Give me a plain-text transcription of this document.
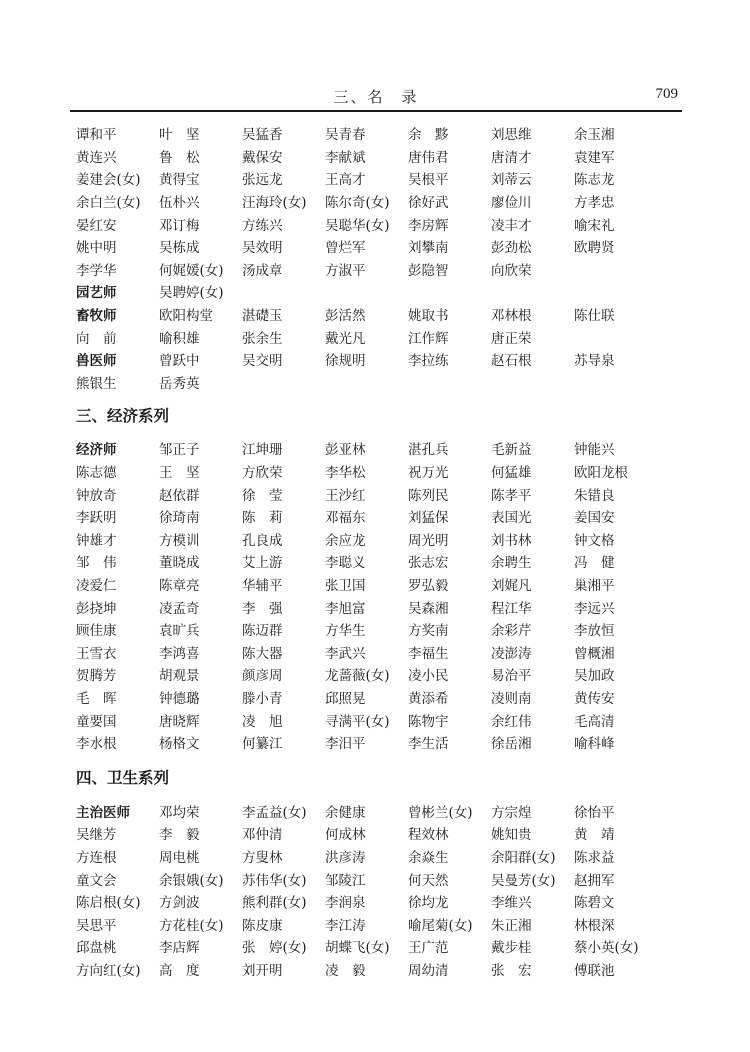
三、名　录	709
谭和平	叶　坚	吴猛香	吴青春	余　黟	刘思维	余玉湘
黄连兴	鲁　松	戴保安	李献斌	唐伟君	唐清才	袁建军
姜建会(女)	黄得宝	张远龙	王高才	吴根平	刘蒂云	陈志龙
余白兰(女)	伍朴兴	汪海玲(女)	陈尔奇(女)	徐好武	廖俭川	方孝忠
晏红安	邓订梅	方练兴	吴聪华(女)	李房辉	凌丰才	喻宋礼
姚中明	吴栋成	吴效明	曾烂军	刘攀南	彭劲松	欧聘贤
李学华	何娓媛(女)	汤成章	方淑平	彭隐智	向欣荣
园艺师	吴聘婷(女)
畜牧师	欧阳构堂	湛礎玉	彭活然	姚取书	邓林根	陈仕联
向　前	喻积雄	张余生	戴光凡	江作辉	唐正荣
兽医师	曾跃中	吴交明	徐规明	李拉练	赵石根	苏导泉
熊银生	岳秀英
三、经济系列
经济师	邹正子	江坤珊	彭亚林	湛孔兵	毛新益	钟能兴
陈志德	王　坚	方欣荣	李华松	祝万光	何猛雄	欧阳龙根
钟放奇	赵依群	徐　莹	王沙红	陈列民	陈孝平	朱错良
李跃明	徐琦南	陈　莉	邓福东	刘猛保	表国光	姜国安
钟雄才	方模训	孔良成	余应龙	周光明	刘书林	钟文格
邹　伟	董晓成	艾上游	李聪义	张志宏	余聘生	冯　健
凌爱仁	陈章亮	华辅平	张卫国	罗弘毅	刘娓凡	巢湘平
彭挠坤	凌孟奇	李　强	李旭富	吴森湘	程江华	李远兴
顾佳康	袁旷兵	陈迈群	方华生	方奖南	余彩芹	李放恒
王雪衣	李鸿喜	陈大器	李武兴	李福生	凌澎涛	曾概湘
贺腾芳	胡观景	颜彦周	龙蔷薇(女)	凌小民	易治平	吴加政
毛　晖	钟德璐	滕小青	邱照晃	黄添希	凌则南	黄传安
童要国	唐晓辉	凌　旭	寻满平(女)	陈物宇	余红伟	毛高清
李水根	杨格文	何纂江	李汨平	李生活	徐岳湘	喻科峰
四、卫生系列
主治医师	邓均荣	李孟益(女)	余健康	曾彬兰(女)	方宗煌	徐怡平
吴继芳	李　毅	邓仲清	何成林	程效林	姚知贵	黄　靖
方连根	周电桃	方叟林	洪彦涛	余焱生	余阳群(女)	陈求益
童文会	余银娥(女)	苏伟华(女)	邹陵江	何天然	吴曼芳(女)	赵拥军
陈启根(女)	方剑波	熊利群(女)	李润泉	徐均龙	李维兴	陈碧文
吴思平	方花桂(女)	陈皮康	李江涛	喻尾菊(女)	朱正湘	林根深
邱盘桃	李店辉	张　婷(女)	胡蝶飞(女)	王广范	戴步桂	蔡小英(女)
方向红(女)	高　度	刘开明	凌　毅	周幼清	张　宏	傅联池
